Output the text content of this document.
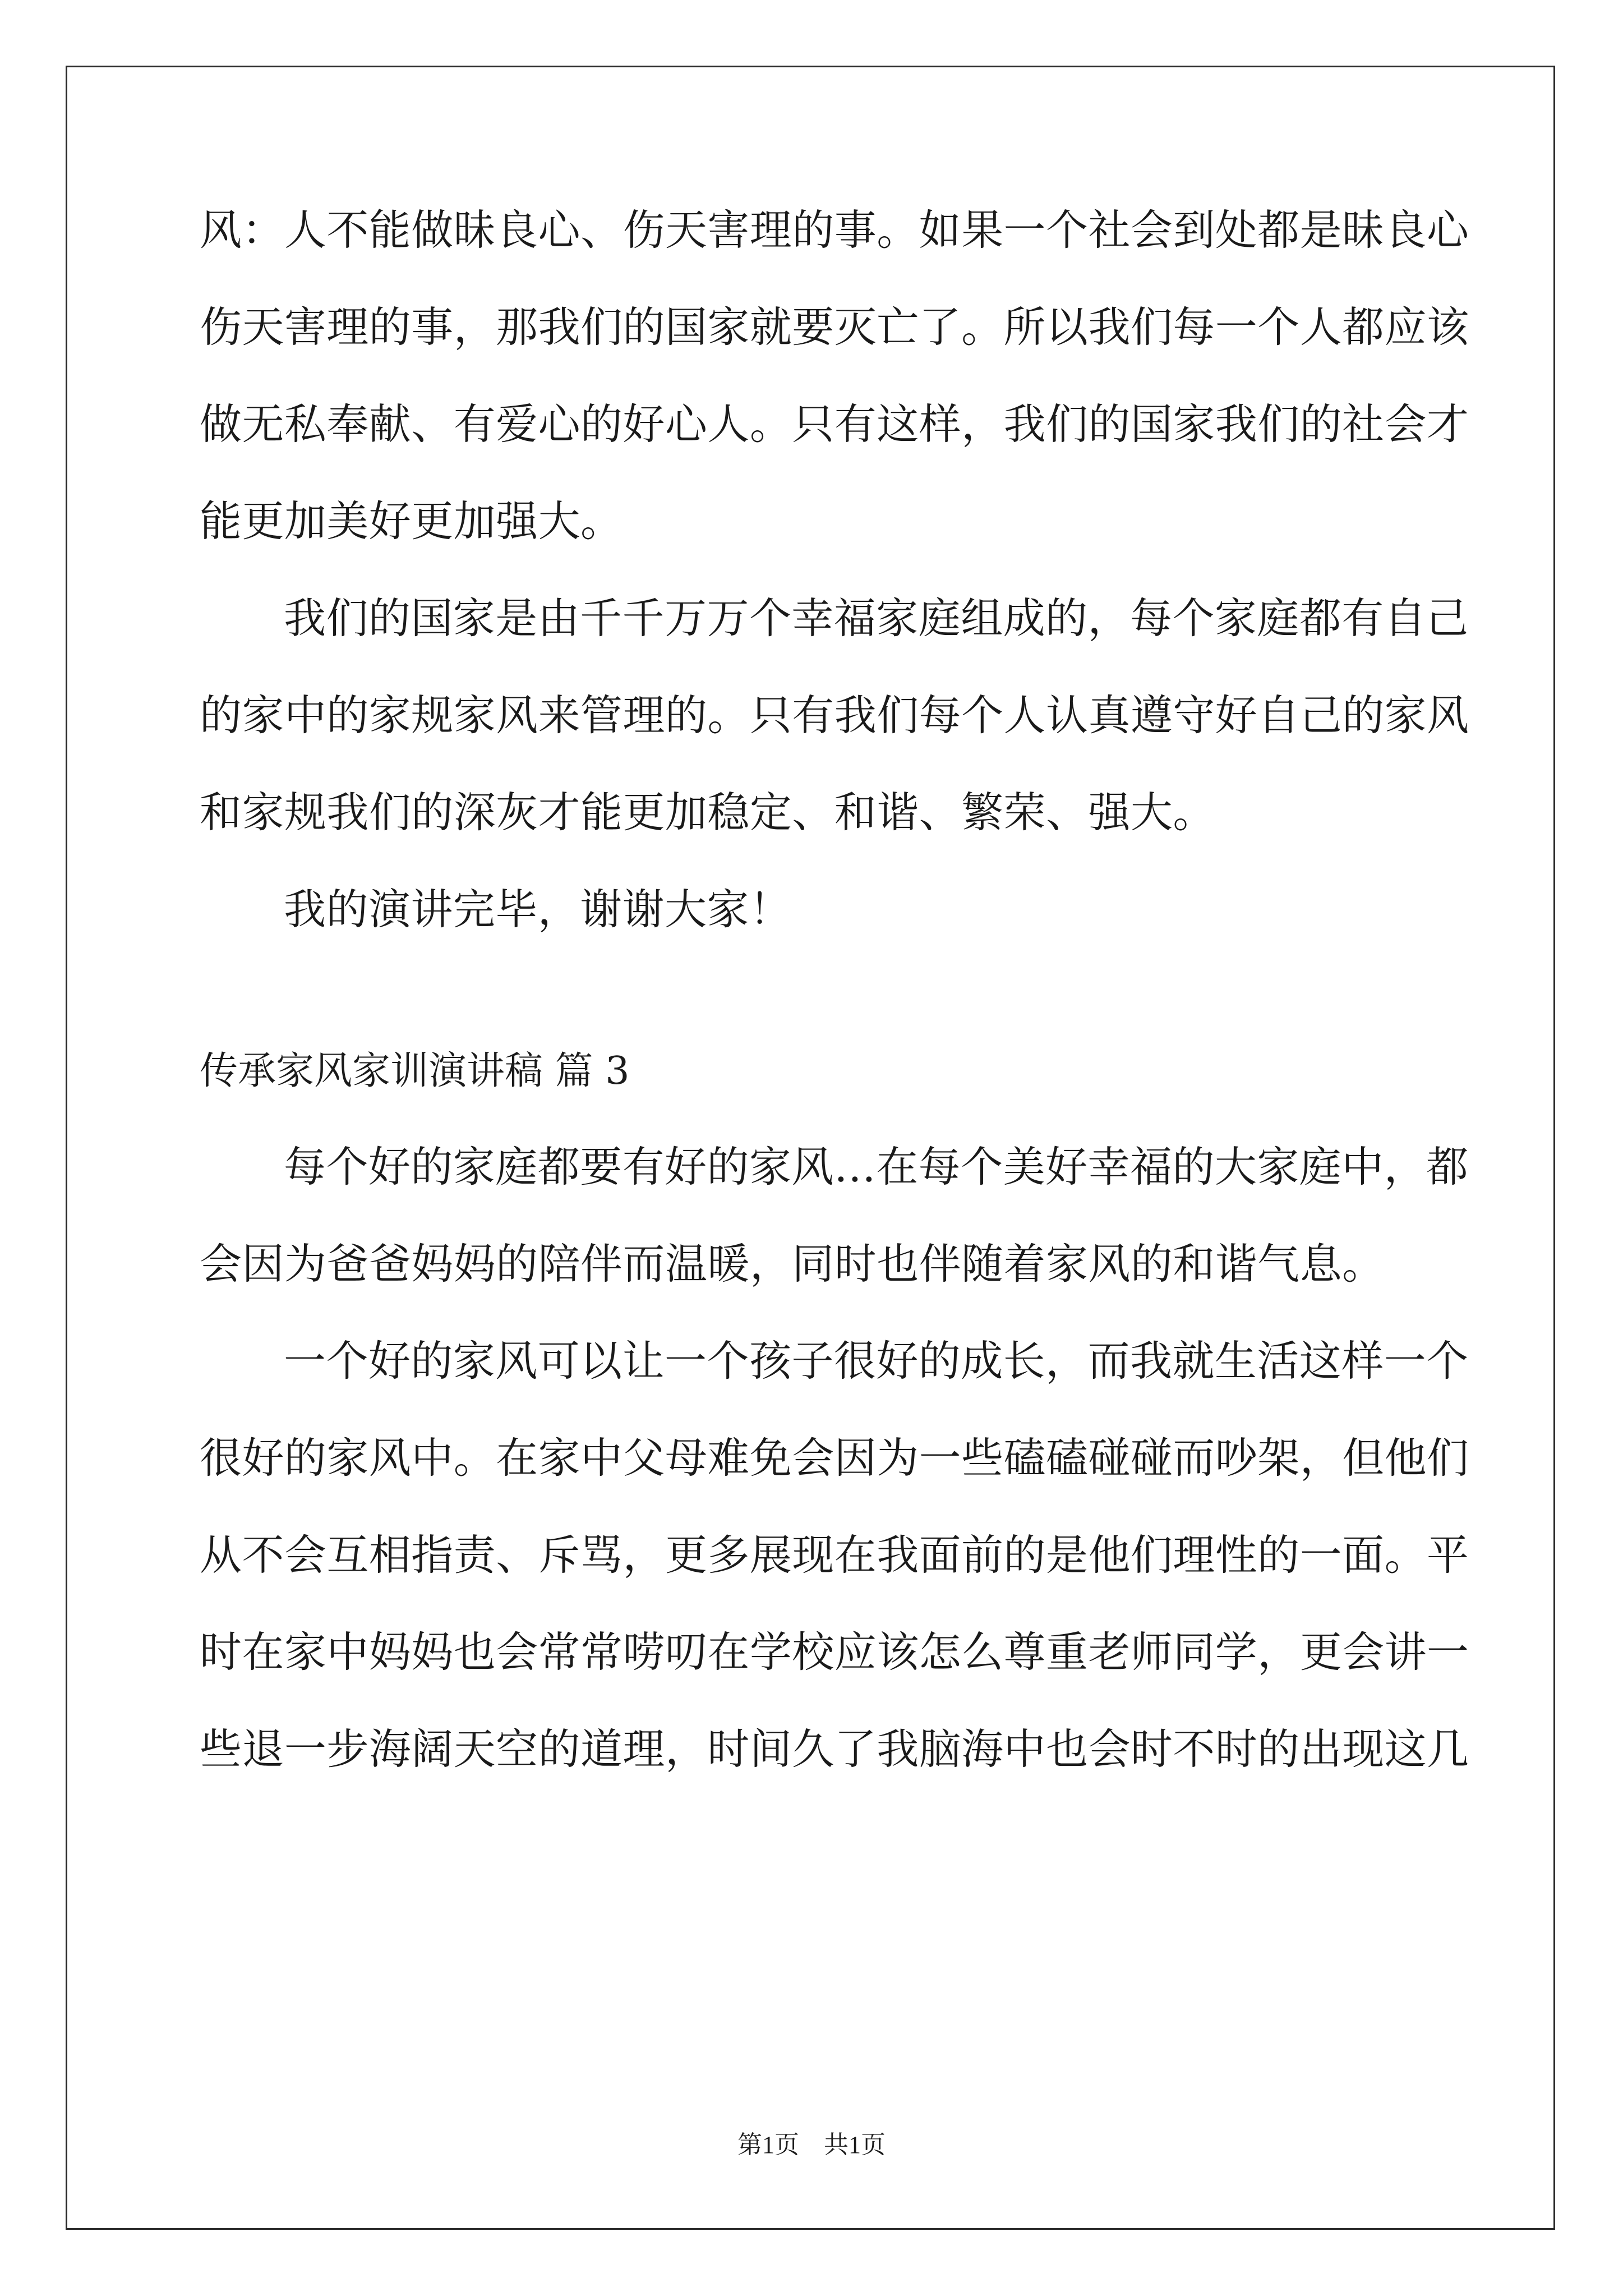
风：人不能做昧良心、伤天害理的事。如果一个社会到处都是昧良心
伤天害理的事，那我们的国家就要灭亡了。所以我们每一个人都应该
做无私奉献、有爱心的好心人。只有这样，我们的国家我们的社会才
能更加美好更加强大。
我们的国家是由千千万万个幸福家庭组成的，每个家庭都有自己
的家中的家规家风来管理的。只有我们每个人认真遵守好自己的家风
和家规我们的深灰才能更加稳定、和谐、繁荣、强大。
我的演讲完毕，谢谢大家！
传承家风家训演讲稿 篇 3
每个好的家庭都要有好的家风…在每个美好幸福的大家庭中，都
会因为爸爸妈妈的陪伴而温暖，同时也伴随着家风的和谐气息。
一个好的家风可以让一个孩子很好的成长，而我就生活这样一个
很好的家风中。在家中父母难免会因为一些磕磕碰碰而吵架，但他们
从不会互相指责、斥骂，更多展现在我面前的是他们理性的一面。平
时在家中妈妈也会常常唠叨在学校应该怎么尊重老师同学，更会讲一
些退一步海阔天空的道理，时间久了我脑海中也会时不时的出现这几
第1页 共1页
